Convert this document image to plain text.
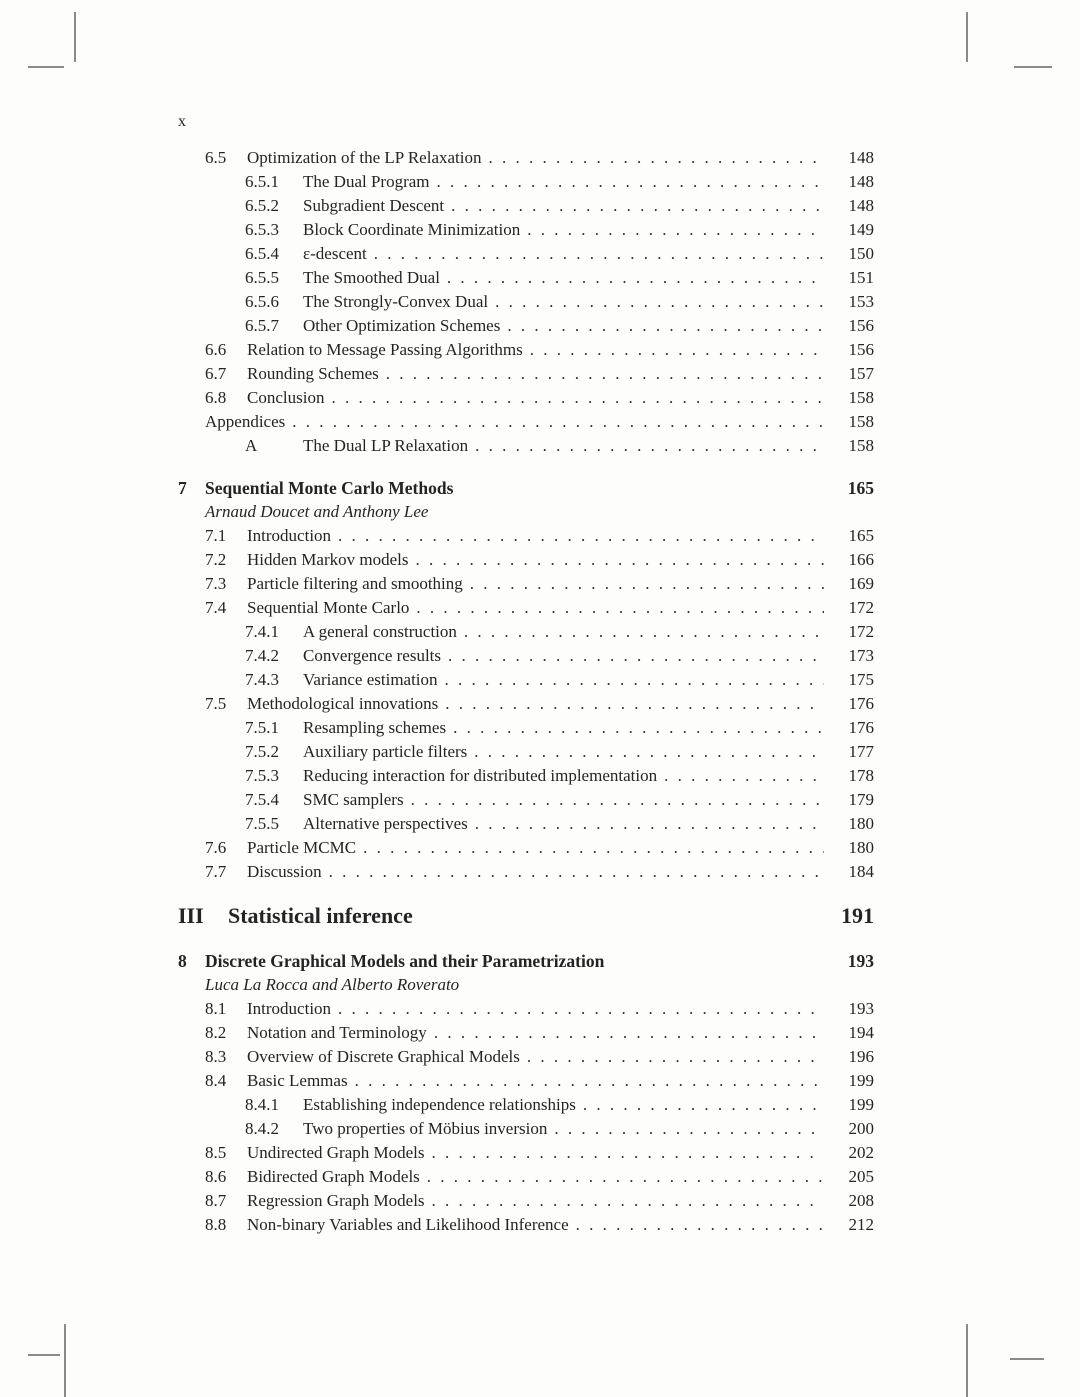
x
6.5	Optimization of the LP Relaxation . . .	148
6.5.1	The Dual Program . . .	148
6.5.2	Subgradient Descent . . .	148
6.5.3	Block Coordinate Minimization . . .	149
6.5.4	ε-descent . . .	150
6.5.5	The Smoothed Dual . . .	151
6.5.6	The Strongly-Convex Dual . . .	153
6.5.7	Other Optimization Schemes . . .	156
6.6	Relation to Message Passing Algorithms . . .	156
6.7	Rounding Schemes . . .	157
6.8	Conclusion . . .	158
Appendices . . .	158
A	The Dual LP Relaxation . . .	158
7	Sequential Monte Carlo Methods	165
Arnaud Doucet and Anthony Lee
7.1	Introduction . . .	165
7.2	Hidden Markov models . . .	166
7.3	Particle filtering and smoothing . . .	169
7.4	Sequential Monte Carlo . . .	172
7.4.1	A general construction . . .	172
7.4.2	Convergence results . . .	173
7.4.3	Variance estimation . . .	175
7.5	Methodological innovations . . .	176
7.5.1	Resampling schemes . . .	176
7.5.2	Auxiliary particle filters . . .	177
7.5.3	Reducing interaction for distributed implementation . . .	178
7.5.4	SMC samplers . . .	179
7.5.5	Alternative perspectives . . .	180
7.6	Particle MCMC . . .	180
7.7	Discussion . . .	184
III	Statistical inference	191
8	Discrete Graphical Models and their Parametrization	193
Luca La Rocca and Alberto Roverato
8.1	Introduction . . .	193
8.2	Notation and Terminology . . .	194
8.3	Overview of Discrete Graphical Models . . .	196
8.4	Basic Lemmas . . .	199
8.4.1	Establishing independence relationships . . .	199
8.4.2	Two properties of Möbius inversion . . .	200
8.5	Undirected Graph Models . . .	202
8.6	Bidirected Graph Models . . .	205
8.7	Regression Graph Models . . .	208
8.8	Non-binary Variables and Likelihood Inference . . .	212
